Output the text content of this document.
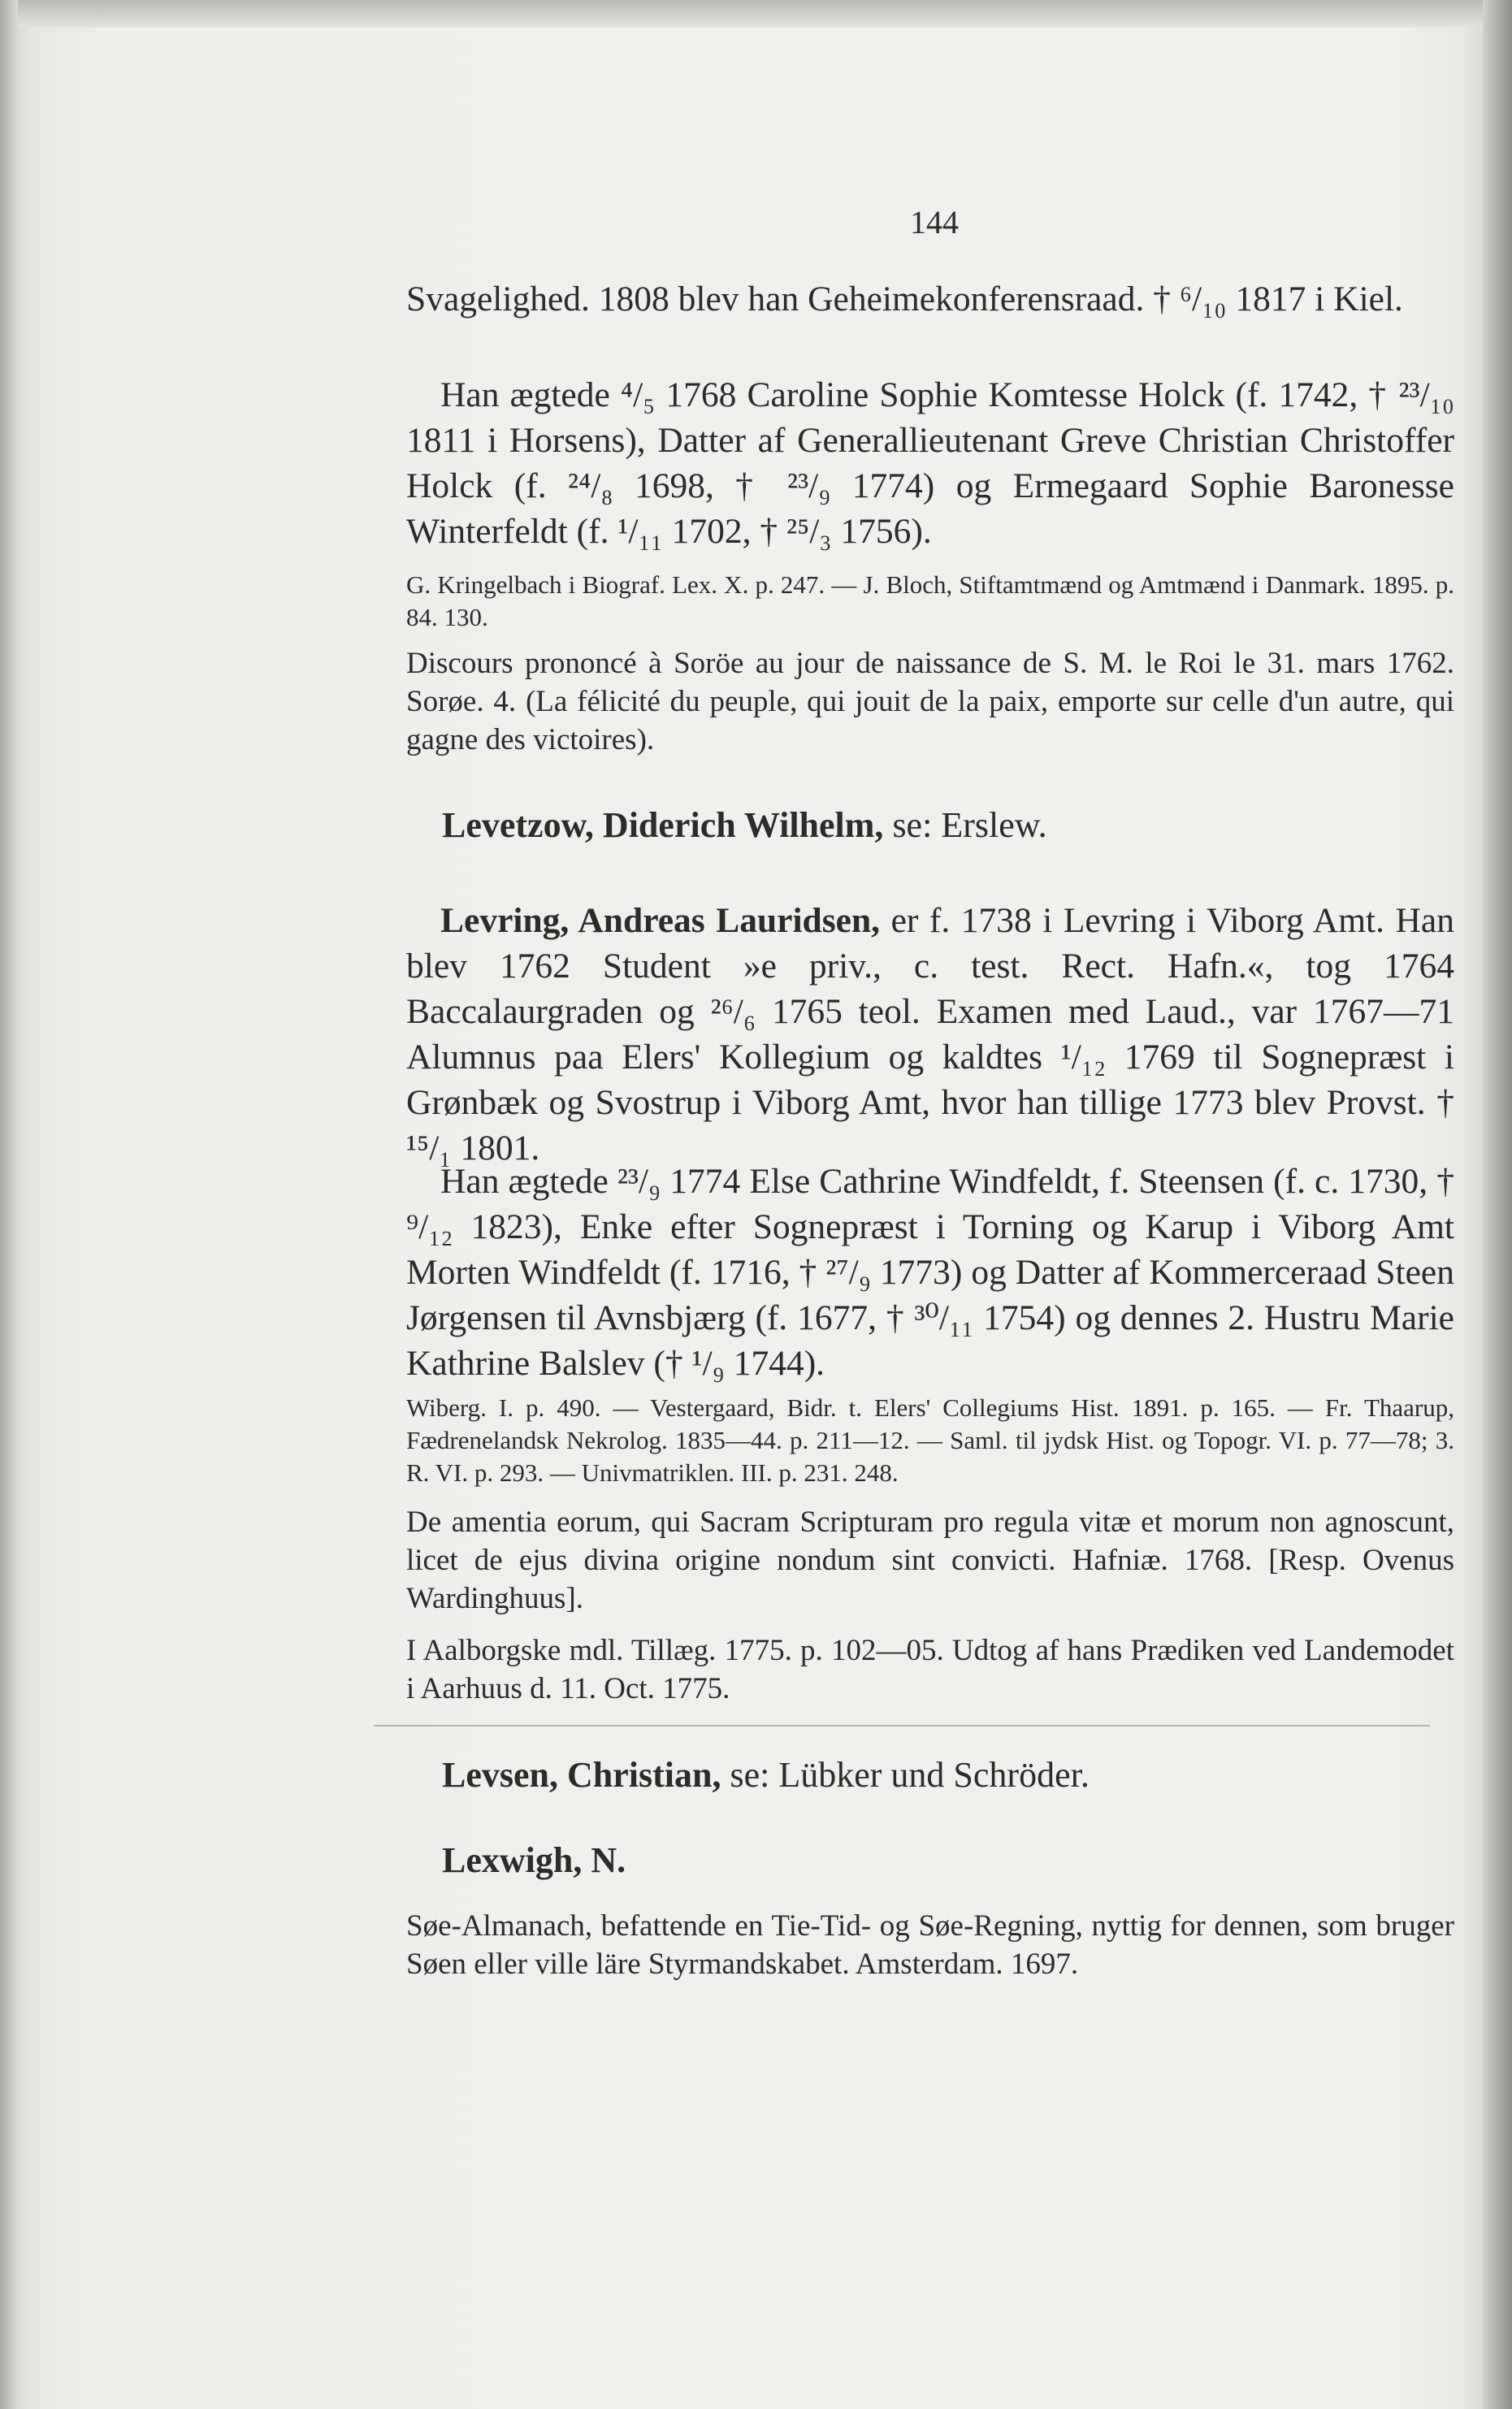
144

Svagelighed. 1808 blev han Geheimekonferensraad. † ⁶/₁₀ 1817 i Kiel.

Han ægtede ⁴/₅ 1768 Caroline Sophie Komtesse Holck (f. 1742, † ²³/₁₀ 1811 i Horsens), Datter af Generallieutenant Greve Christian Christoffer Holck (f. ²⁴/₈ 1698, † ²³/₉ 1774) og Ermegaard Sophie Baronesse Winterfeldt (f. ¹/₁₁ 1702, † ²⁵/₃ 1756).

G. Kringelbach i Biograf. Lex. X. p. 247. — J. Bloch, Stiftamtmænd og Amtmænd i Danmark. 1895. p. 84. 130.

Discours prononcé à Soröe au jour de naissance de S. M. le Roi le 31. mars 1762. Sorøe. 4. (La félicité du peuple, qui jouit de la paix, emporte sur celle d'un autre, qui gagne des victoires).

Levetzow, Diderich Wilhelm, se: Erslew.

Levring, Andreas Lauridsen, er f. 1738 i Levring i Viborg Amt. Han blev 1762 Student »e priv., c. test. Rect. Hafn.«, tog 1764 Baccalaurgraden og ²⁶/₆ 1765 teol. Examen med Laud., var 1767—71 Alumnus paa Elers' Kollegium og kaldtes ¹/₁₂ 1769 til Sognepræst i Grønbæk og Svostrup i Viborg Amt, hvor han tillige 1773 blev Provst. † ¹⁵/₁ 1801.

Han ægtede ²³/₉ 1774 Else Cathrine Windfeldt, f. Steensen (f. c. 1730, † ⁹/₁₂ 1823), Enke efter Sognepræst i Torning og Karup i Viborg Amt Morten Windfeldt (f. 1716, † ²⁷/₉ 1773) og Datter af Kommerceraad Steen Jørgensen til Avnsbjærg (f. 1677, † ³⁰/₁₁ 1754) og dennes 2. Hustru Marie Kathrine Balslev († ¹/₉ 1744).

Wiberg. I. p. 490. — Vestergaard, Bidr. t. Elers' Collegiums Hist. 1891. p. 165. — Fr. Thaarup, Fædrenelandsk Nekrolog. 1835—44. p. 211—12. — Saml. til jydsk Hist. og Topogr. VI. p. 77—78; 3. R. VI. p. 293. — Univmatriklen. III. p. 231. 248.

De amentia eorum, qui Sacram Scripturam pro regula vitæ et morum non agnoscunt, licet de ejus divina origine nondum sint convicti. Hafniæ. 1768. [Resp. Ovenus Wardinghuus].

I Aalborgske mdl. Tillæg. 1775. p. 102—05. Udtog af hans Prædiken ved Landemodet i Aarhuus d. 11. Oct. 1775.

Levsen, Christian, se: Lübker und Schröder.

Lexwigh, N.

Søe-Almanach, befattende en Tie-Tid- og Søe-Regning, nyttig for dennen, som bruger Søen eller ville läre Styrmandskabet. Amsterdam. 1697.
